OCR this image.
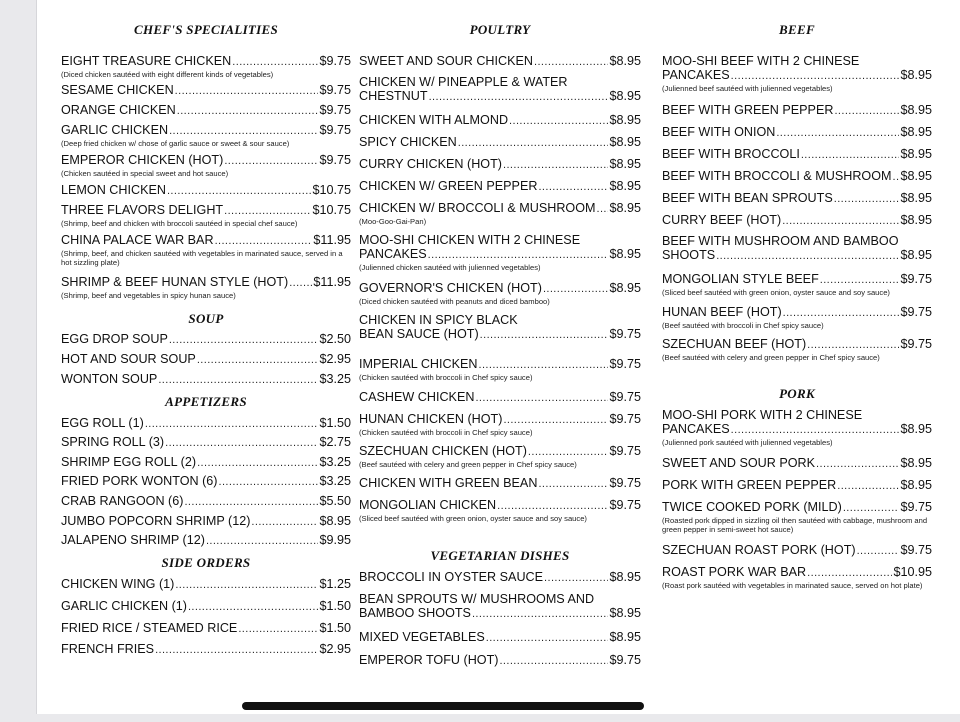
CHEF'S SPECIALITIES
SOUP
APPETIZERS
SIDE ORDERS
EIGHT TREASURE CHICKEN .....	$9.75
(Diced chicken sautéed with eight different kinds of vegetables)
SESAME CHICKEN .....	$9.75
ORANGE CHICKEN .....	$9.75
GARLIC CHICKEN .....	$9.75
(Deep fried chicken w/ chose of garlic sauce or sweet & sour sauce)
EMPEROR CHICKEN (HOT) .....	$9.75
(Chicken sautéed in special sweet and hot sauce)
LEMON CHICKEN .....	$10.75
THREE FLAVORS DELIGHT .....	$10.75
(Shrimp, beef and chicken with broccoli sautéed in special chef sauce)
CHINA PALACE WAR BAR .....	$11.95
(Shrimp, beef, and chicken sautéed with vegetables in marinated sauce, served in a hot sizzling plate)
SHRIMP & BEEF HUNAN STYLE (HOT) ..... $11.95
(Shrimp, beef and vegetables in spicy hunan sauce)
EGG DROP SOUP .....	$2.50
HOT AND SOUR SOUP .....	$2.95
WONTON SOUP .....	$3.25
EGG ROLL (1) .....	$1.50
SPRING ROLL (3) .....	$2.75
SHRIMP EGG ROLL (2) .....	$3.25
FRIED PORK WONTON (6) .....	$3.25
CRAB RANGOON (6) .....	$5.50
JUMBO POPCORN SHRIMP (12) .....	$8.95
JALAPENO SHRIMP (12) .....	$9.95
CHICKEN WING (1) .....	$1.25
GARLIC CHICKEN (1) .....	$1.50
FRIED RICE / STEAMED RICE .....	$1.50
FRENCH FRIES .....	$2.95
POULTRY
VEGETARIAN DISHES
SWEET AND SOUR CHICKEN .....	$8.95
CHICKEN W/ PINEAPPLE & WATER
CHESTNUT .....	$8.95
CHICKEN WITH ALMOND .....	$8.95
SPICY CHICKEN .....	$8.95
CURRY CHICKEN (HOT) .....	$8.95
CHICKEN W/ GREEN PEPPER .....	$8.95
CHICKEN W/ BROCCOLI & MUSHROOM ..... $8.95
(Moo-Goo-Gai-Pan)
MOO-SHI CHICKEN WITH 2 CHINESE
PANCAKES .....	$8.95
(Julienned chicken sautéed with julienned vegetables)
GOVERNOR'S CHICKEN (HOT) .....	$8.95
(Diced chicken sautéed with peanuts and diced bamboo)
CHICKEN IN SPICY BLACK
BEAN SAUCE (HOT) .....	$9.75
IMPERIAL CHICKEN .....	$9.75
(Chicken sautéed with broccoli in Chef spicy sauce)
CASHEW CHICKEN .....	$9.75
HUNAN CHICKEN (HOT) .....	$9.75
(Chicken sautéed with broccoli in Chef spicy sauce)
SZECHUAN CHICKEN (HOT) .....	$9.75
(Beef sautéed with celery and green pepper in Chef spicy sauce)
CHICKEN WITH GREEN BEAN .....	$9.75
MONGOLIAN CHICKEN .....	$9.75
(Sliced beef sautéed with green onion, oyster sauce and soy sauce)
BROCCOLI IN OYSTER SAUCE .....	$8.95
BEAN SPROUTS W/ MUSHROOMS AND
BAMBOO SHOOTS .....	$8.95
MIXED VEGETABLES .....	$8.95
EMPEROR TOFU (HOT) .....	$9.75
BEEF
PORK
MOO-SHI BEEF WITH 2 CHINESE
PANCAKES .....	$8.95
(Julienned beef sautéed with julienned vegetables)
BEEF WITH GREEN PEPPER .....	$8.95
BEEF WITH ONION .....	$8.95
BEEF WITH BROCCOLI .....	$8.95
BEEF WITH BROCCOLI & MUSHROOM ..... $8.95
BEEF WITH BEAN SPROUTS .....	$8.95
CURRY BEEF (HOT) .....	$8.95
BEEF WITH MUSHROOM AND BAMBOO
SHOOTS .....	$8.95
MONGOLIAN STYLE BEEF .....	$9.75
(Sliced beef sautéed with green onion, oyster sauce and soy sauce)
HUNAN BEEF (HOT) .....	$9.75
(Beef sautéed with broccoli in Chef spicy sauce)
SZECHUAN BEEF (HOT) .....	$9.75
(Beef sautéed with celery and green pepper in Chef spicy sauce)
MOO-SHI PORK WITH 2 CHINESE
PANCAKES .....	$8.95
(Julienned pork sautéed with julienned vegetables)
SWEET AND SOUR PORK .....	$8.95
PORK WITH GREEN PEPPER .....	$8.95
TWICE COOKED PORK (MILD) .....	$9.75
(Roasted pork dipped in sizzling oil then sautéed with cabbage, mushroom and green pepper in semi-sweet hot sauce)
SZECHUAN ROAST PORK (HOT) .....	$9.75
ROAST PORK WAR BAR .....	$10.95
(Roast pork sautéed with vegetables in marinated sauce, served on hot plate)
